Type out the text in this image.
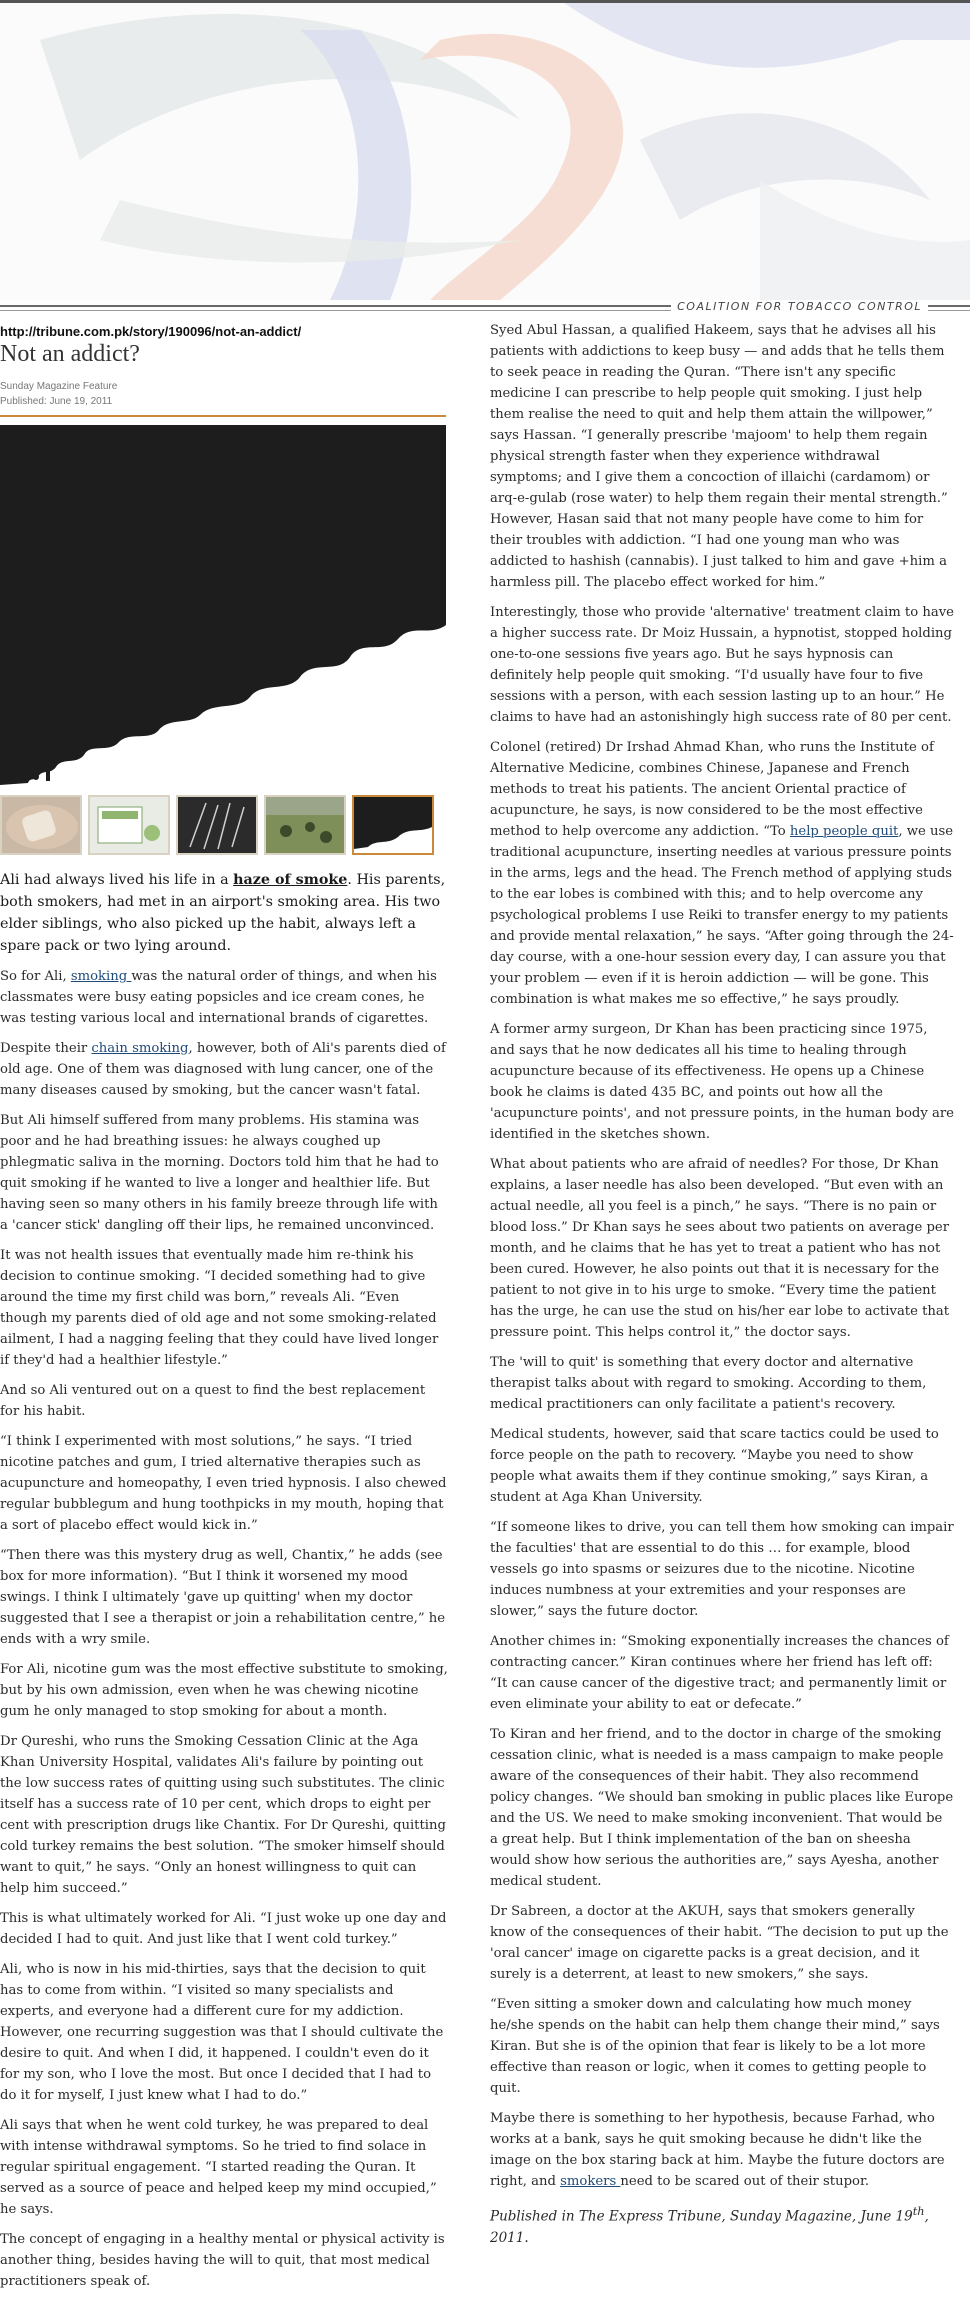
COALITION FOR TOBACCO CONTROL
http://tribune.com.pk/story/190096/not-an-addict/
Not an addict?
Sunday Magazine Feature
Published: June 19, 2011

Ali had always lived his life in a haze of smoke. His parents, both smokers, had met in an airport's smoking area. His two elder siblings, who also picked up the habit, always left a spare pack or two lying around.

So for Ali, smoking was the natural order of things, and when his classmates were busy eating popsicles and ice cream cones, he was testing various local and international brands of cigarettes.

Despite their chain smoking, however, both of Ali's parents died of old age. One of them was diagnosed with lung cancer, one of the many diseases caused by smoking, but the cancer wasn't fatal.

But Ali himself suffered from many problems. His stamina was poor and he had breathing issues: he always coughed up phlegmatic saliva in the morning. Doctors told him that he had to quit smoking if he wanted to live a longer and healthier life. But having seen so many others in his family breeze through life with a 'cancer stick' dangling off their lips, he remained unconvinced.

It was not health issues that eventually made him re-think his decision to continue smoking. “I decided something had to give around the time my first child was born,” reveals Ali. “Even though my parents died of old age and not some smoking-related ailment, I had a nagging feeling that they could have lived longer if they'd had a healthier lifestyle.”

And so Ali ventured out on a quest to find the best replacement for his habit.

“I think I experimented with most solutions,” he says. “I tried nicotine patches and gum, I tried alternative therapies such as acupuncture and homeopathy, I even tried hypnosis. I also chewed regular bubblegum and hung toothpicks in my mouth, hoping that a sort of placebo effect would kick in.”

“Then there was this mystery drug as well, Chantix,” he adds (see box for more information). “But I think it worsened my mood swings. I think I ultimately 'gave up quitting' when my doctor suggested that I see a therapist or join a rehabilitation centre,” he ends with a wry smile.

For Ali, nicotine gum was the most effective substitute to smoking, but by his own admission, even when he was chewing nicotine gum he only managed to stop smoking for about a month.

Dr Qureshi, who runs the Smoking Cessation Clinic at the Aga Khan University Hospital, validates Ali's failure by pointing out the low success rates of quitting using such substitutes. The clinic itself has a success rate of 10 per cent, which drops to eight per cent with prescription drugs like Chantix. For Dr Qureshi, quitting cold turkey remains the best solution. “The smoker himself should want to quit,” he says. “Only an honest willingness to quit can help him succeed.”

This is what ultimately worked for Ali. “I just woke up one day and decided I had to quit. And just like that I went cold turkey.”

Ali, who is now in his mid-thirties, says that the decision to quit has to come from within. “I visited so many specialists and experts, and everyone had a different cure for my addiction. However, one recurring suggestion was that I should cultivate the desire to quit. And when I did, it happened. I couldn't even do it for my son, who I love the most. But once I decided that I had to do it for myself, I just knew what I had to do.”

Ali says that when he went cold turkey, he was prepared to deal with intense withdrawal symptoms. So he tried to find solace in regular spiritual engagement. “I started reading the Quran. It served as a source of peace and helped keep my mind occupied,” he says.

The concept of engaging in a healthy mental or physical activity is another thing, besides having the will to quit, that most medical practitioners speak of.

Syed Abul Hassan, a qualified Hakeem, says that he advises all his patients with addictions to keep busy — and adds that he tells them to seek peace in reading the Quran. “There isn't any specific medicine I can prescribe to help people quit smoking. I just help them realise the need to quit and help them attain the willpower,” says Hassan. “I generally prescribe 'majoom' to help them regain physical strength faster when they experience withdrawal symptoms; and I give them a concoction of illaichi (cardamom) or arq-e-gulab (rose water) to help them regain their mental strength.” However, Hasan said that not many people have come to him for their troubles with addiction. “I had one young man who was addicted to hashish (cannabis). I just talked to him and gave +him a harmless pill. The placebo effect worked for him.”

Interestingly, those who provide 'alternative' treatment claim to have a higher success rate. Dr Moiz Hussain, a hypnotist, stopped holding one-to-one sessions five years ago. But he says hypnosis can definitely help people quit smoking. “I'd usually have four to five sessions with a person, with each session lasting up to an hour.” He claims to have had an astonishingly high success rate of 80 per cent.

Colonel (retired) Dr Irshad Ahmad Khan, who runs the Institute of Alternative Medicine, combines Chinese, Japanese and French methods to treat his patients. The ancient Oriental practice of acupuncture, he says, is now considered to be the most effective method to help overcome any addiction. “To help people quit, we use traditional acupuncture, inserting needles at various pressure points in the arms, legs and the head. The French method of applying studs to the ear lobes is combined with this; and to help overcome any psychological problems I use Reiki to transfer energy to my patients and provide mental relaxation,” he says. “After going through the 24-day course, with a one-hour session every day, I can assure you that your problem — even if it is heroin addiction — will be gone. This combination is what makes me so effective,” he says proudly.

A former army surgeon, Dr Khan has been practicing since 1975, and says that he now dedicates all his time to healing through acupuncture because of its effectiveness. He opens up a Chinese book he claims is dated 435 BC, and points out how all the 'acupuncture points', and not pressure points, in the human body are identified in the sketches shown.

What about patients who are afraid of needles? For those, Dr Khan explains, a laser needle has also been developed. “But even with an actual needle, all you feel is a pinch,” he says. “There is no pain or blood loss.” Dr Khan says he sees about two patients on average per month, and he claims that he has yet to treat a patient who has not been cured. However, he also points out that it is necessary for the patient to not give in to his urge to smoke. “Every time the patient has the urge, he can use the stud on his/her ear lobe to activate that pressure point. This helps control it,” the doctor says.

The 'will to quit' is something that every doctor and alternative therapist talks about with regard to smoking. According to them, medical practitioners can only facilitate a patient's recovery.

Medical students, however, said that scare tactics could be used to force people on the path to recovery. “Maybe you need to show people what awaits them if they continue smoking,” says Kiran, a student at Aga Khan University.

“If someone likes to drive, you can tell them how smoking can impair the faculties' that are essential to do this … for example, blood vessels go into spasms or seizures due to the nicotine. Nicotine induces numbness at your extremities and your responses are slower,” says the future doctor.

Another chimes in: “Smoking exponentially increases the chances of contracting cancer.” Kiran continues where her friend has left off: “It can cause cancer of the digestive tract; and permanently limit or even eliminate your ability to eat or defecate.”

To Kiran and her friend, and to the doctor in charge of the smoking cessation clinic, what is needed is a mass campaign to make people aware of the consequences of their habit. They also recommend policy changes. “We should ban smoking in public places like Europe and the US. We need to make smoking inconvenient. That would be a great help. But I think implementation of the ban on sheesha would show how serious the authorities are,” says Ayesha, another medical student.

Dr Sabreen, a doctor at the AKUH, says that smokers generally know of the consequences of their habit. “The decision to put up the 'oral cancer' image on cigarette packs is a great decision, and it surely is a deterrent, at least to new smokers,” she says.

“Even sitting a smoker down and calculating how much money he/she spends on the habit can help them change their mind,” says Kiran. But she is of the opinion that fear is likely to be a lot more effective than reason or logic, when it comes to getting people to quit.

Maybe there is something to her hypothesis, because Farhad, who works at a bank, says he quit smoking because he didn't like the image on the box staring back at him. Maybe the future doctors are right, and smokers need to be scared out of their stupor.

Published in The Express Tribune, Sunday Magazine, June 19th, 2011.
